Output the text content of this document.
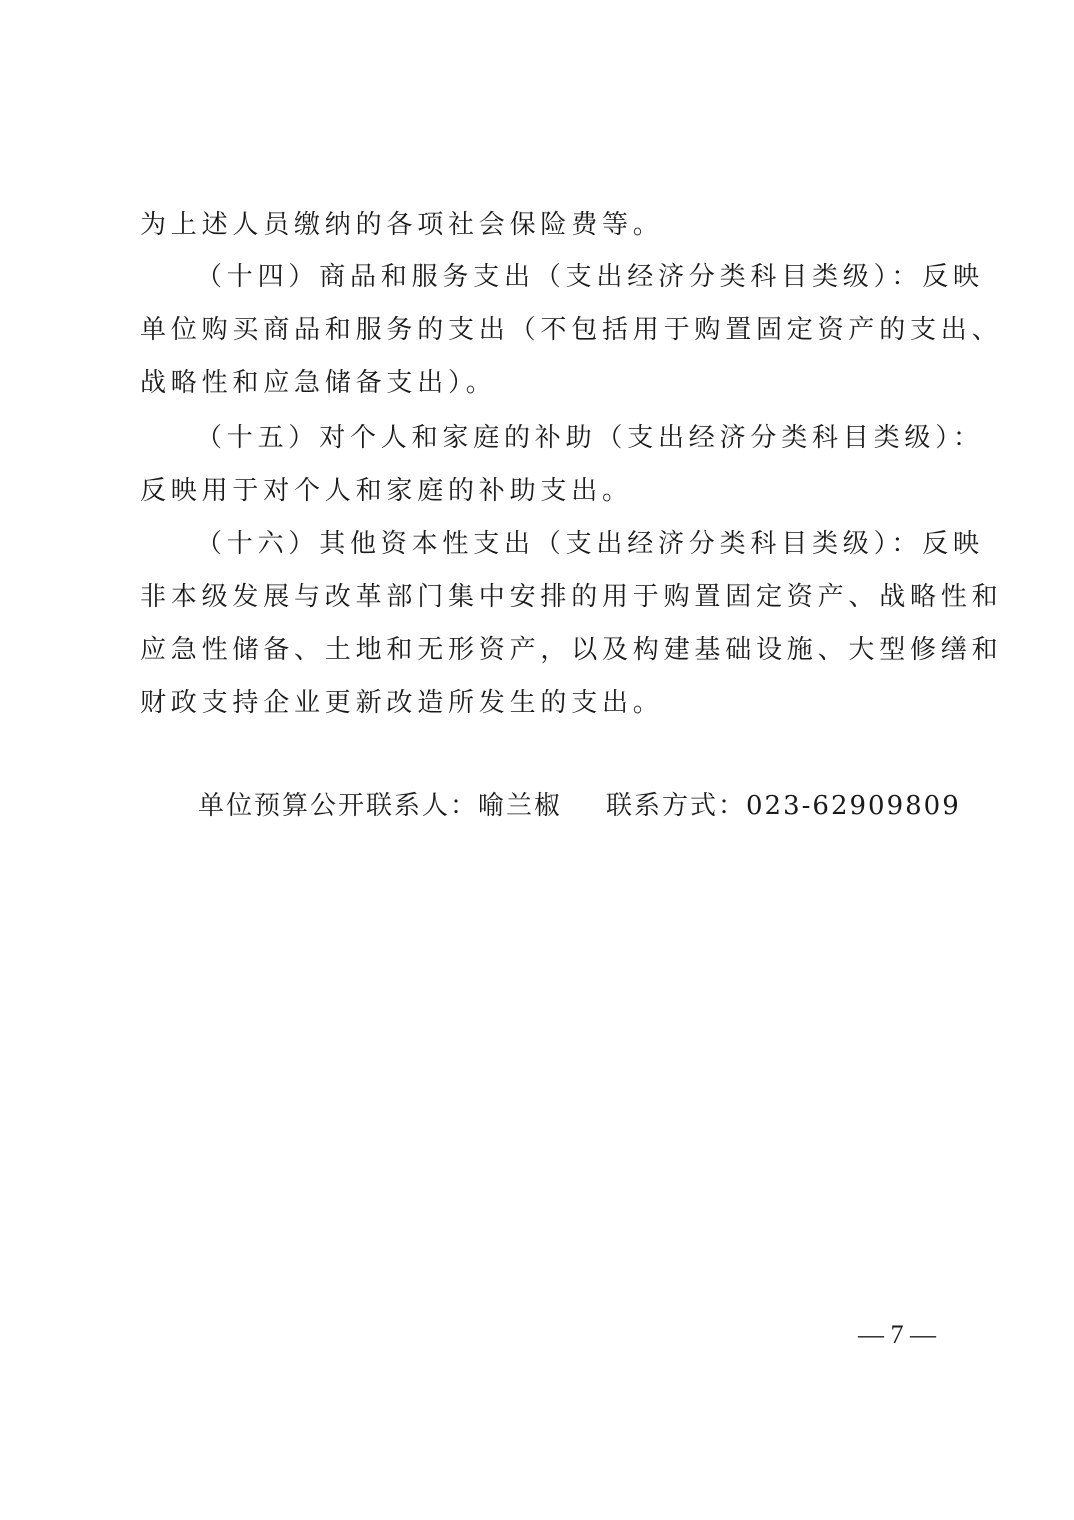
为上述人员缴纳的各项社会保险费等。
（十四）商品和服务支出（支出经济分类科目类级）：反映
单位购买商品和服务的支出（不包括用于购置固定资产的支出、
战略性和应急储备支出）。
（十五）对个人和家庭的补助（支出经济分类科目类级）：
反映用于对个人和家庭的补助支出。
（十六）其他资本性支出（支出经济分类科目类级）：反映
非本级发展与改革部门集中安排的用于购置固定资产、战略性和
应急性储备、土地和无形资产，以及构建基础设施、大型修缮和
财政支持企业更新改造所发生的支出。
单位预算公开联系人：喻兰椒 联系方式：023-62909809
— 7 —
